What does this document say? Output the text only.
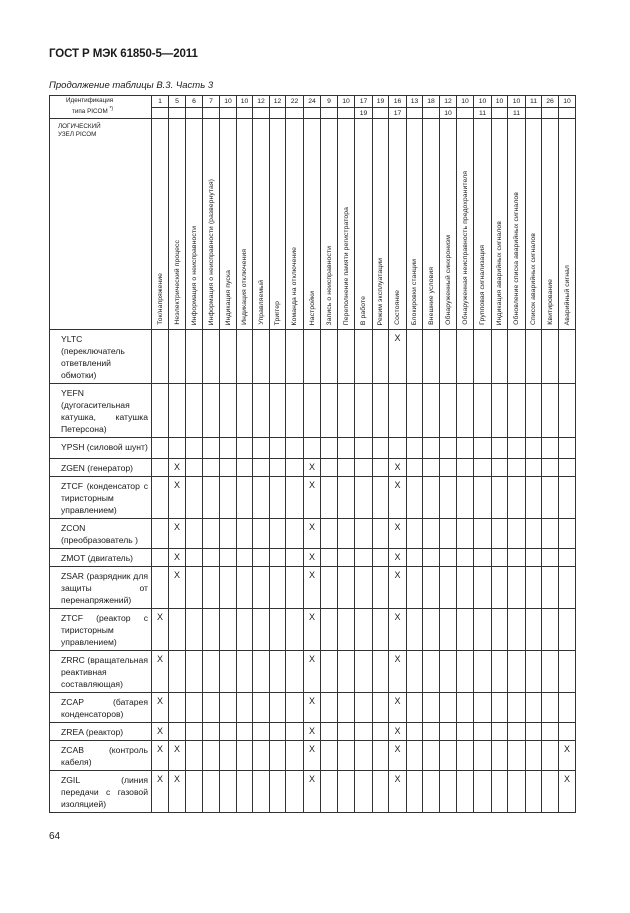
ГОСТ Р МЭК 61850-5—2011
Продолжение таблицы В.3. Часть 3
Идентификация
типа PICOM *)	1	5	6	7	10	10	12	12	22	24	9	10	17	19	16	13	18	12	10	10	10	10	11	26	10
													19		17			10		11		11			

ЛОГИЧЕСКИЙ
УЗЕЛ PICOM	Ток/напряжение	Неэлектрический процесс	Информация о неисправности	Информация о неисправности (развернутая)	Индикация пуска	Индикация отключения	Управляемый	Триггер	Команда на отключение	Настройки	Запись о неисправности	Переполнение памяти регистратора	В работе	Режим эксплуатации	Состояние	Блокировки станции	Внешние условия	Обнаруженный синхронизм	Обнаруженная неисправность предохранителя	Групповая сигнализация	Индикация аварийных сигналов	Обновление списка аварийных сигналов	Список аварийных сигналов	Квитирование	Аварийный сигнал
YLTC (переключатель ответвлений обмотки)															X										
YEFN (дугогасительная катушка, катушка Петерсона)																									
YPSH (силовой шунт)																									
ZGEN (генератор)		X								X					X										
ZTCF (конденсатор с тиристорным управлением)		X								X					X										
ZCON (преобразователь )		X								X					X										
ZMOT (двигатель)		X								X					X										
ZSAR (разрядник для защиты от перенапряжений)		X								X					X										
ZTCF (реактор с тиристорным управлением)	X									X					X										
ZRRC (вращательная реактивная составляющая)	X									X					X										
ZCAP (батарея конденсаторов)	X									X					X										
ZREA (реактор)	X									X					X										
ZCAB (контроль кабеля)	X	X								X					X										X
ZGIL (линия передачи с газовой изоляцией)	X	X								X					X										X
64
